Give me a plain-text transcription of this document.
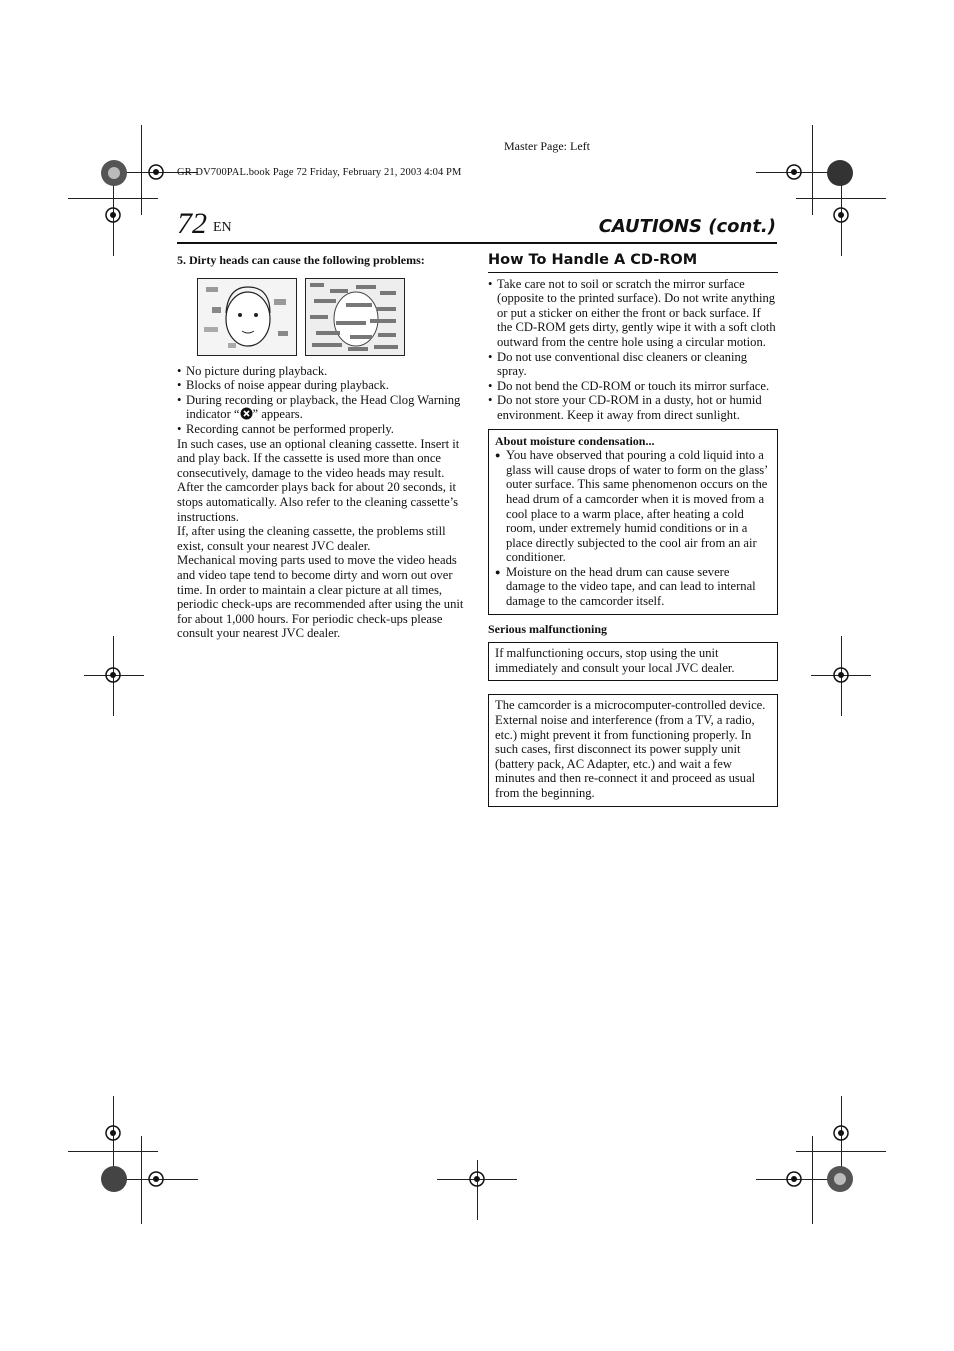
Master Page: Left
GR-DV700PAL.book Page 72 Friday, February 21, 2003 4:04 PM
72 EN	CAUTIONS (cont.)
5. Dirty heads can cause the following problems:
• No picture during playback.
• Blocks of noise appear during playback.
• During recording or playback, the Head Clog Warning indicator “ ” appears.
• Recording cannot be performed properly.

In such cases, use an optional cleaning cassette. Insert it and play back. If the cassette is used more than once consecutively, damage to the video heads may result. After the camcorder plays back for about 20 seconds, it stops automatically. Also refer to the cleaning cassette’s instructions.

If, after using the cleaning cassette, the problems still exist, consult your nearest JVC dealer.

Mechanical moving parts used to move the video heads and video tape tend to become dirty and worn out over time. In order to maintain a clear picture at all times, periodic check-ups are recommended after using the unit for about 1,000 hours. For periodic check-ups please consult your nearest JVC dealer.

How To Handle A CD-ROM
• Take care not to soil or scratch the mirror surface (opposite to the printed surface). Do not write anything or put a sticker on either the front or back surface. If the CD-ROM gets dirty, gently wipe it with a soft cloth outward from the centre hole using a circular motion.
• Do not use conventional disc cleaners or cleaning spray.
• Do not bend the CD-ROM or touch its mirror surface.
• Do not store your CD-ROM in a dusty, hot or humid environment. Keep it away from direct sunlight.
About moisture condensation...
● You have observed that pouring a cold liquid into a glass will cause drops of water to form on the glass’ outer surface. This same phenomenon occurs on the head drum of a camcorder when it is moved from a cool place to a warm place, after heating a cold room, under extremely humid conditions or in a place directly subjected to the cool air from an air conditioner.
● Moisture on the head drum can cause severe damage to the video tape, and can lead to internal damage to the camcorder itself.
Serious malfunctioning

If malfunctioning occurs, stop using the unit immediately and consult your local JVC dealer.

The camcorder is a microcomputer-controlled device. External noise and interference (from a TV, a radio, etc.) might prevent it from functioning properly. In such cases, first disconnect its power supply unit (battery pack, AC Adapter, etc.) and wait a few minutes and then re-connect it and proceed as usual from the beginning.
